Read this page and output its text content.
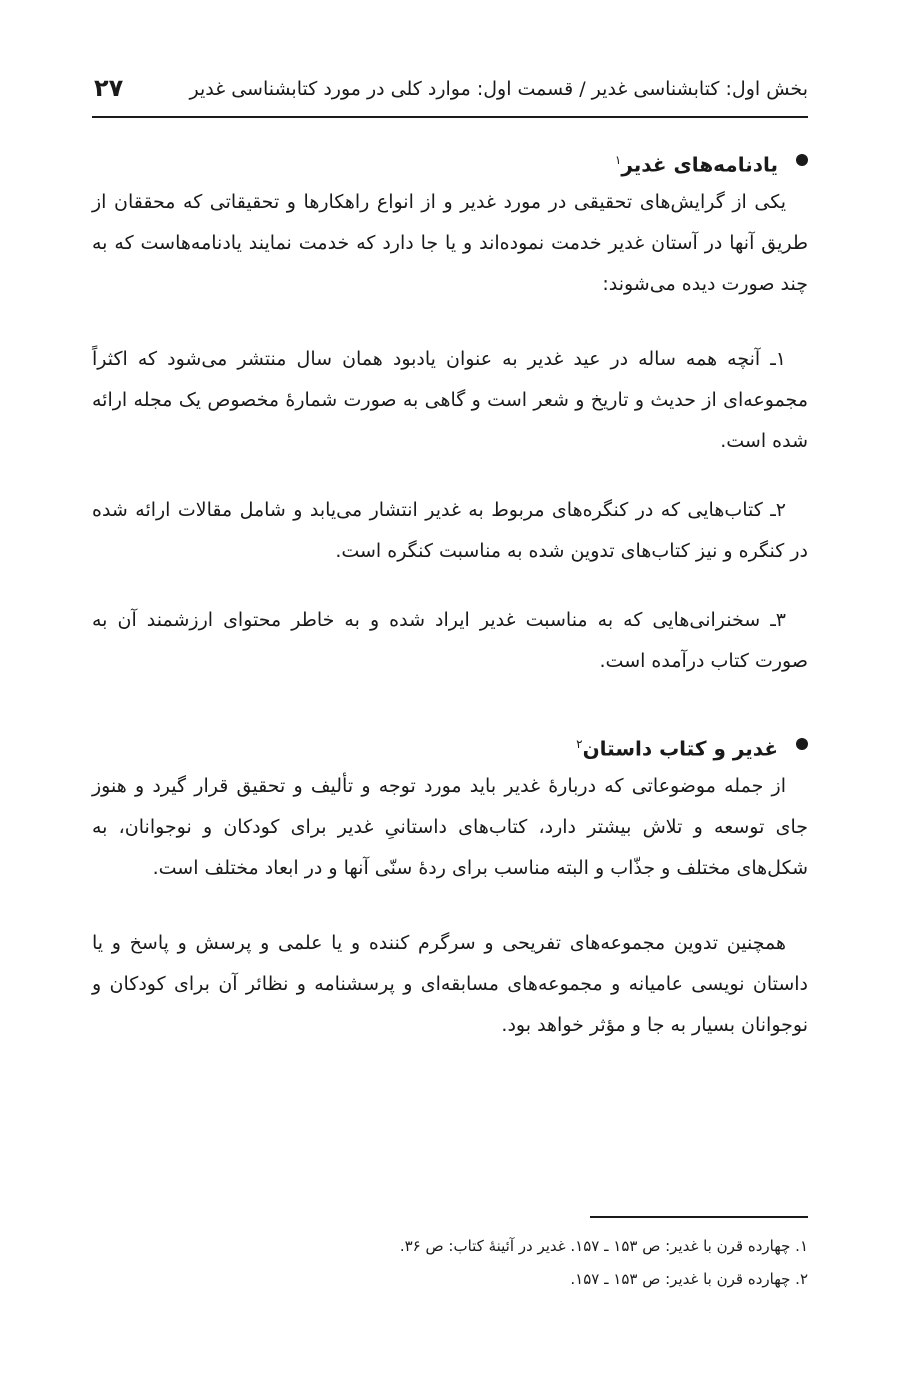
بخش اول: کتابشناسی غدیر / قسمت اول: موارد کلی در مورد کتابشناسی غدیر
۲۷
یادنامه‌های غدیر$^۱$

یکی از گرایش‌های تحقیقی در مورد غدیر و از انواع راهکارها و تحقیقاتی که محققان از طریق آنها در آستان غدیر خدمت نموده‌اند و یا جا دارد که خدمت نمایند یادنامه‌هاست که به چند صورت دیده می‌شوند:

۱ـ آنچه همه ساله در عید غدیر به عنوان یادبود همان سال منتشر می‌شود که اکثراً مجموعه‌ای از حدیث و تاریخ و شعر است و گاهی به صورت شمارهٔ مخصوص یک مجله ارائه شده است.

۲ـ کتاب‌هایی که در کنگره‌های مربوط به غدیر انتشار می‌یابد و شامل مقالات ارائه شده در کنگره و نیز کتاب‌های تدوین شده به مناسبت کنگره است.

۳ـ سخنرانی‌هایی که به مناسبت غدیر ایراد شده و به خاطر محتوای ارزشمند آن به صورت کتاب درآمده است.

غدیر و کتاب داستان$^۲$

از جمله موضوعاتی که دربارهٔ غدیر باید مورد توجه و تألیف و تحقیق قرار گیرد و هنوز جای توسعه و تلاش بیشتر دارد، کتاب‌های داستانیِ غدیر برای کودکان و نوجوانان، به شکل‌های مختلف و جذّاب و البته مناسب برای ردهٔ سنّی آنها و در ابعاد مختلف است.

همچنین تدوین مجموعه‌های تفریحی و سرگرم کننده و یا علمی و پرسش و پاسخ و یا داستان نویسی عامیانه و مجموعه‌های مسابقه‌ای و پرسشنامه و نظائر آن برای کودکان و نوجوانان بسیار به جا و مؤثر خواهد بود.

۱. چهارده قرن با غدیر: ص ۱۵۳ ـ ۱۵۷. غدیر در آئینهٔ کتاب: ص ۳۶.
۲. چهارده قرن با غدیر: ص ۱۵۳ ـ ۱۵۷.
